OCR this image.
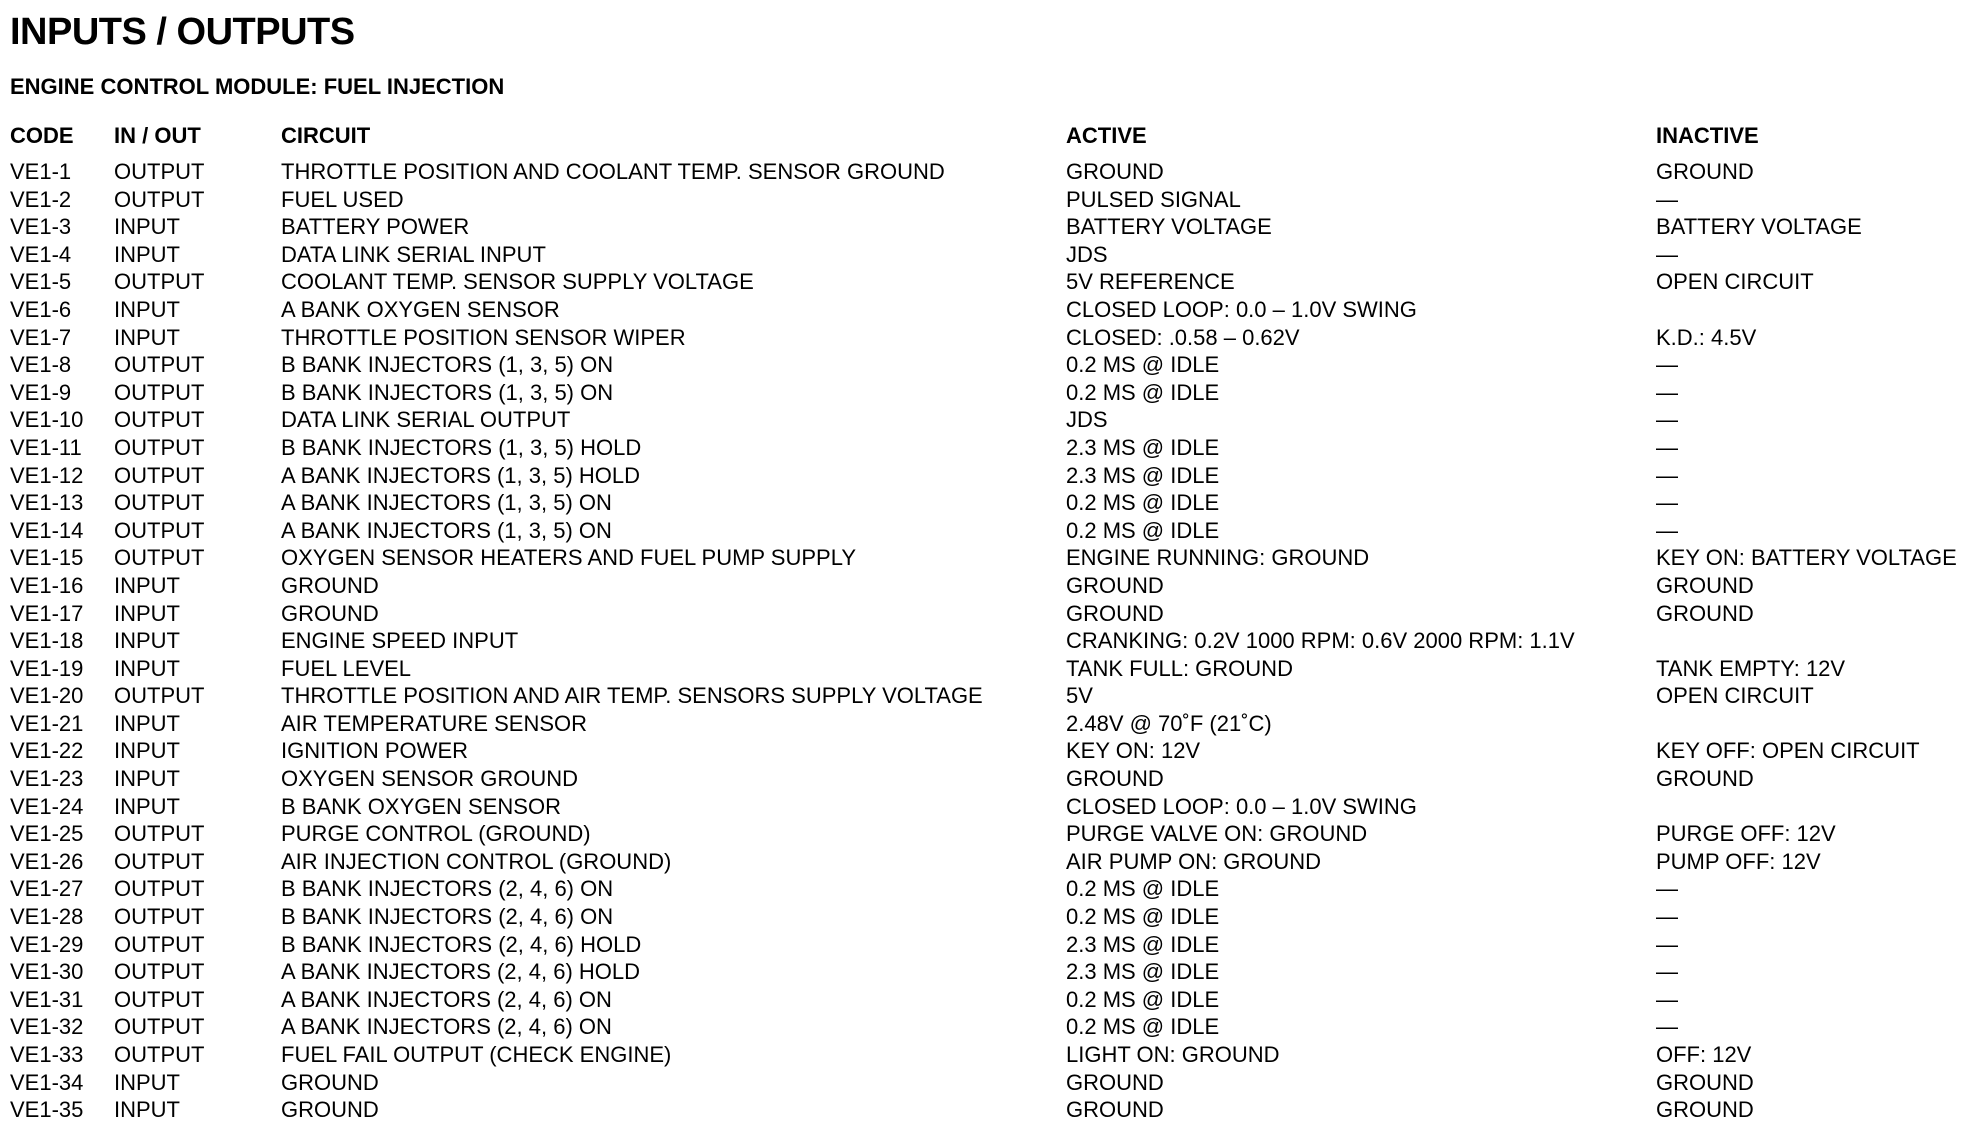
INPUTS / OUTPUTS
ENGINE CONTROL MODULE: FUEL INJECTION
CODE	IN / OUT	CIRCUIT	ACTIVE	INACTIVE
VE1-1	OUTPUT	THROTTLE POSITION AND COOLANT TEMP. SENSOR GROUND	GROUND	GROUND
VE1-2	OUTPUT	FUEL USED	PULSED SIGNAL	—
VE1-3	INPUT	BATTERY POWER	BATTERY VOLTAGE	BATTERY VOLTAGE
VE1-4	INPUT	DATA LINK SERIAL INPUT	JDS	—
VE1-5	OUTPUT	COOLANT TEMP. SENSOR SUPPLY VOLTAGE	5V REFERENCE	OPEN CIRCUIT
VE1-6	INPUT	A BANK OXYGEN SENSOR	CLOSED LOOP: 0.0 – 1.0V SWING	
VE1-7	INPUT	THROTTLE POSITION SENSOR WIPER	CLOSED: .0.58 – 0.62V	K.D.: 4.5V
VE1-8	OUTPUT	B BANK INJECTORS (1, 3, 5) ON	0.2 MS @ IDLE	—
VE1-9	OUTPUT	B BANK INJECTORS (1, 3, 5) ON	0.2 MS @ IDLE	—
VE1-10	OUTPUT	DATA LINK SERIAL OUTPUT	JDS	—
VE1-11	OUTPUT	B BANK INJECTORS (1, 3, 5) HOLD	2.3 MS @ IDLE	—
VE1-12	OUTPUT	A BANK INJECTORS (1, 3, 5) HOLD	2.3 MS @ IDLE	—
VE1-13	OUTPUT	A BANK INJECTORS (1, 3, 5) ON	0.2 MS @ IDLE	—
VE1-14	OUTPUT	A BANK INJECTORS (1, 3, 5) ON	0.2 MS @ IDLE	—
VE1-15	OUTPUT	OXYGEN SENSOR HEATERS AND FUEL PUMP SUPPLY	ENGINE RUNNING: GROUND	KEY ON: BATTERY VOLTAGE
VE1-16	INPUT	GROUND	GROUND	GROUND
VE1-17	INPUT	GROUND	GROUND	GROUND
VE1-18	INPUT	ENGINE SPEED INPUT	CRANKING: 0.2V 1000 RPM: 0.6V 2000 RPM: 1.1V	
VE1-19	INPUT	FUEL LEVEL	TANK FULL: GROUND	TANK EMPTY: 12V
VE1-20	OUTPUT	THROTTLE POSITION AND AIR TEMP. SENSORS SUPPLY VOLTAGE	5V	OPEN CIRCUIT
VE1-21	INPUT	AIR TEMPERATURE SENSOR	2.48V @ 70˚F (21˚C)	
VE1-22	INPUT	IGNITION POWER	KEY ON: 12V	KEY OFF: OPEN CIRCUIT
VE1-23	INPUT	OXYGEN SENSOR GROUND	GROUND	GROUND
VE1-24	INPUT	B BANK OXYGEN SENSOR	CLOSED LOOP: 0.0 – 1.0V SWING	
VE1-25	OUTPUT	PURGE CONTROL (GROUND)	PURGE VALVE ON: GROUND	PURGE OFF: 12V
VE1-26	OUTPUT	AIR INJECTION CONTROL (GROUND)	AIR PUMP ON: GROUND	PUMP OFF: 12V
VE1-27	OUTPUT	B BANK INJECTORS (2, 4, 6) ON	0.2 MS @ IDLE	—
VE1-28	OUTPUT	B BANK INJECTORS (2, 4, 6) ON	0.2 MS @ IDLE	—
VE1-29	OUTPUT	B BANK INJECTORS (2, 4, 6) HOLD	2.3 MS @ IDLE	—
VE1-30	OUTPUT	A BANK INJECTORS (2, 4, 6) HOLD	2.3 MS @ IDLE	—
VE1-31	OUTPUT	A BANK INJECTORS (2, 4, 6) ON	0.2 MS @ IDLE	—
VE1-32	OUTPUT	A BANK INJECTORS (2, 4, 6) ON	0.2 MS @ IDLE	—
VE1-33	OUTPUT	FUEL FAIL OUTPUT (CHECK ENGINE)	LIGHT ON: GROUND	OFF: 12V
VE1-34	INPUT	GROUND	GROUND	GROUND
VE1-35	INPUT	GROUND	GROUND	GROUND
